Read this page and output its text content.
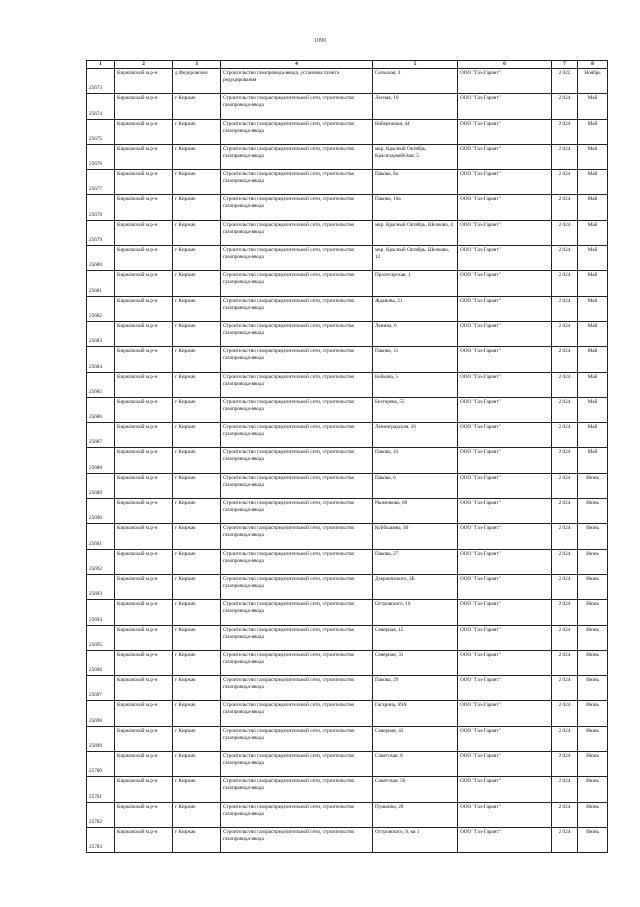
1090
1	2	3	4	5	6	7	8
25673	Киржачский м.р-н	д Федоровское	Строительство газопровода-ввода, установка пункта редуцирования	Сельская, 3	ООО "Газ-Гарант"	2 022	Ноябрь
25674	Киржачский м.р-н	г Киржач	Строительство газораспределительной сети, строительство газопровода-ввода	Лесная, 10	ООО "Газ-Гарант"	2 024	Май
25675	Киржачский м.р-н	г Киржач	Строительство газораспределительной сети, строительство газопровода-ввода	Набережная, 44	ООО "Газ-Гарант"	2 024	Май
25676	Киржачский м.р-н	г Киржач	Строительство газораспределительной сети, строительство газопровода-ввода	мкр. Красный Октябрь, Красноармейская, 5	ООО "Газ-Гарант"	2 024	Май
25677	Киржачский м.р-н	г Киржач	Строительство газораспределительной сети, строительство газопровода-ввода	Пакова, 8а	ООО "Газ-Гарант"	2 024	Май
25678	Киржачский м.р-н	г Киржач	Строительство газораспределительной сети, строительство газопровода-ввода	Пакова, 10а	ООО "Газ-Гарант"	2 024	Май
25679	Киржачский м.р-н	г Киржач	Строительство газораспределительной сети, строительство газопровода-ввода	мкр. Красный Октябрь, Шелкова, 4	ООО "Газ-Гарант"	2 024	Май
25680	Киржачский м.р-н	г Киржач	Строительство газораспределительной сети, строительство газопровода-ввода	мкр. Красный Октябрь, Шелкова, 12	ООО "Газ-Гарант"	2 024	Май
25681	Киржачский м.р-н	г Киржач	Строительство газораспределительной сети, строительство газопровода-ввода	Пролетарская, 1	ООО "Газ-Гарант"	2 024	Май
25682	Киржачский м.р-н	г Киржач	Строительство газораспределительной сети, строительство газопровода-ввода	Жданова, 21	ООО "Газ-Гарант"	2 024	Май
25683	Киржачский м.р-н	г Киржач	Строительство газораспределительной сети, строительство газопровода-ввода	Ленина, 6	ООО "Газ-Гарант"	2 024	Май
25684	Киржачский м.р-н	г Киржач	Строительство газораспределительной сети, строительство газопровода-ввода	Пакова, 31	ООО "Газ-Гарант"	2 024	Май
25685	Киржачский м.р-н	г Киржач	Строительство газораспределительной сети, строительство газопровода-ввода	Бобкова, 5	ООО "Газ-Гарант"	2 024	Май
25686	Киржачский м.р-н	г Киржач	Строительство газораспределительной сети, строительство газопровода-ввода	Бехтерева, 55	ООО "Газ-Гарант"	2 024	Май
25687	Киржачский м.р-н	г Киржач	Строительство газораспределительной сети, строительство газопровода-ввода	Ленинградская, 26	ООО "Газ-Гарант"	2 024	Май
25688	Киржачский м.р-н	г Киржач	Строительство газораспределительной сети, строительство газопровода-ввода	Пакова, 43	ООО "Газ-Гарант"	2 024	Май
25689	Киржачский м.р-н	г Киржач	Строительство газораспределительной сети, строительство газопровода-ввода	Пакова, 6	ООО "Газ-Гарант"	2 024	Июнь
25690	Киржачский м.р-н	г Киржач	Строительство газораспределительной сети, строительство газопровода-ввода	Рыженкова, 86	ООО "Газ-Гарант"	2 024	Июнь
25691	Киржачский м.р-н	г Киржач	Строительство газораспределительной сети, строительство газопровода-ввода	Куйбышева, 40	ООО "Газ-Гарант"	2 024	Июнь
25692	Киржачский м.р-н	г Киржач	Строительство газораспределительной сети, строительство газопровода-ввода	Пакова, 27	ООО "Газ-Гарант"	2 024	Июнь
25693	Киржачский м.р-н	г Киржач	Строительство газораспределительной сети, строительство газопровода-ввода	Дзержинского, 2Б	ООО "Газ-Гарант"	2 024	Июнь
25694	Киржачский м.р-н	г Киржач	Строительство газораспределительной сети, строительство газопровода-ввода	Островского, 10	ООО "Газ-Гарант"	2 024	Июнь
25695	Киржачский м.р-н	г Киржач	Строительство газораспределительной сети, строительство газопровода-ввода	Северная, 15	ООО "Газ-Гарант"	2 024	Июнь
25696	Киржачский м.р-н	г Киржач	Строительство газораспределительной сети, строительство газопровода-ввода	Северная, 31	ООО "Газ-Гарант"	2 024	Июнь
25697	Киржачский м.р-н	г Киржач	Строительство газораспределительной сети, строительство газопровода-ввода	Пакова, 29	ООО "Газ-Гарант"	2 024	Июнь
25698	Киржачский м.р-н	г Киржач	Строительство газораспределительной сети, строительство газопровода-ввода	Гагарина, 69А	ООО "Газ-Гарант"	2 024	Июнь
25699	Киржачский м.р-н	г Киржач	Строительство газораспределительной сети, строительство газопровода-ввода	Северная, 43	ООО "Газ-Гарант"	2 024	Июнь
25700	Киржачский м.р-н	г Киржач	Строительство газораспределительной сети, строительство газопровода-ввода	Советская, 8	ООО "Газ-Гарант"	2 024	Июнь
25701	Киржачский м.р-н	г Киржач	Строительство газораспределительной сети, строительство газопровода-ввода	Советская, 50	ООО "Газ-Гарант"	2 024	Июнь
25702	Киржачский м.р-н	г Киржач	Строительство газораспределительной сети, строительство газопровода-ввода	Пушкина, 28	ООО "Газ-Гарант"	2 024	Июнь
25703	Киржачский м.р-н	г Киржач	Строительство газораспределительной сети, строительство газопровода-ввода	Островского, 8, кв 1	ООО "Газ-Гарант"	2 024	Июнь
